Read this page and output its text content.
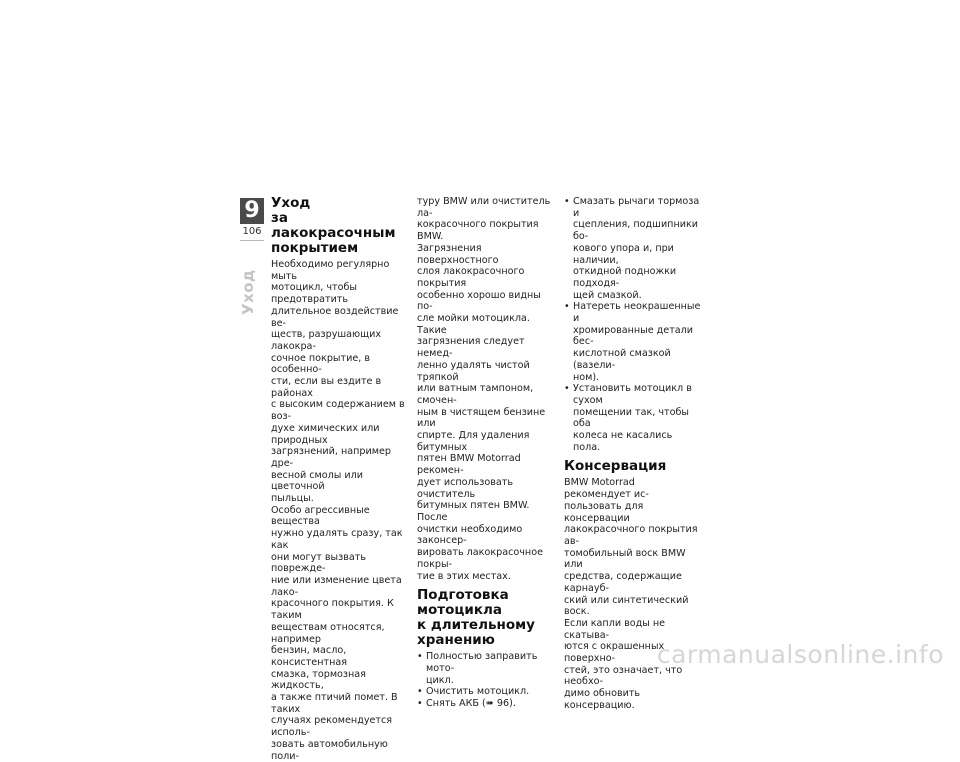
9
106
Уход
Уход
за лакокрасочным
покрытием

Необходимо регулярно мыть
мотоцикл, чтобы предотвратить
длительное воздействие ве-
ществ, разрушающих лакокра-
сочное покрытие, в особенно-
сти, если вы ездите в районах
с высоким содержанием в воз-
духе химических или природных
загрязнений, например дре-
весной смолы или цветочной
пыльцы.

Особо агрессивные вещества
нужно удалять сразу, так как
они могут вызвать поврежде-
ние или изменение цвета лако-
красочного покрытия. К таким
веществам относятся, например
бензин, масло, консистентная
смазка, тормозная жидкость,
а также птичий помет. В таких
случаях рекомендуется исполь-
зовать автомобильную поли-

туру BMW или очиститель ла-
кокрасочного покрытия BMW.
Загрязнения поверхностного
слоя лакокрасочного покрытия
особенно хорошо видны по-
сле мойки мотоцикла. Такие
загрязнения следует немед-
ленно удалять чистой тряпкой
или ватным тампоном, смочен-
ным в чистящем бензине или
спирте. Для удаления битумных
пятен BMW Motorrad рекомен-
дует использовать очиститель
битумных пятен BMW. После
очистки необходимо законсер-
вировать лакокрасочное покры-
тие в этих местах.

Подготовка мотоцикла
к длительному
хранению
• Полностью заправить мото-
цикл.
• Очистить мотоцикл.
• Снять АКБ (➠ 96).
• Смазать рычаги тормоза и
сцепления, подшипники бо-
кового упора и, при наличии,
откидной подножки подходя-
щей смазкой.
• Натереть неокрашенные и
хромированные детали бес-
кислотной смазкой (вазели-
ном).
• Установить мотоцикл в сухом
помещении так, чтобы оба
колеса не касались пола.
Консервация

BMW Motorrad рекомендует ис-
пользовать для консервации
лакокрасочного покрытия ав-
томобильный воск BMW или
средства, содержащие карнауб-
ский или синтетический воск.
Если капли воды не скатыва-
ются с окрашенных поверхно-
стей, это означает, что необхо-
димо обновить консервацию.

carmanualsonline.info
